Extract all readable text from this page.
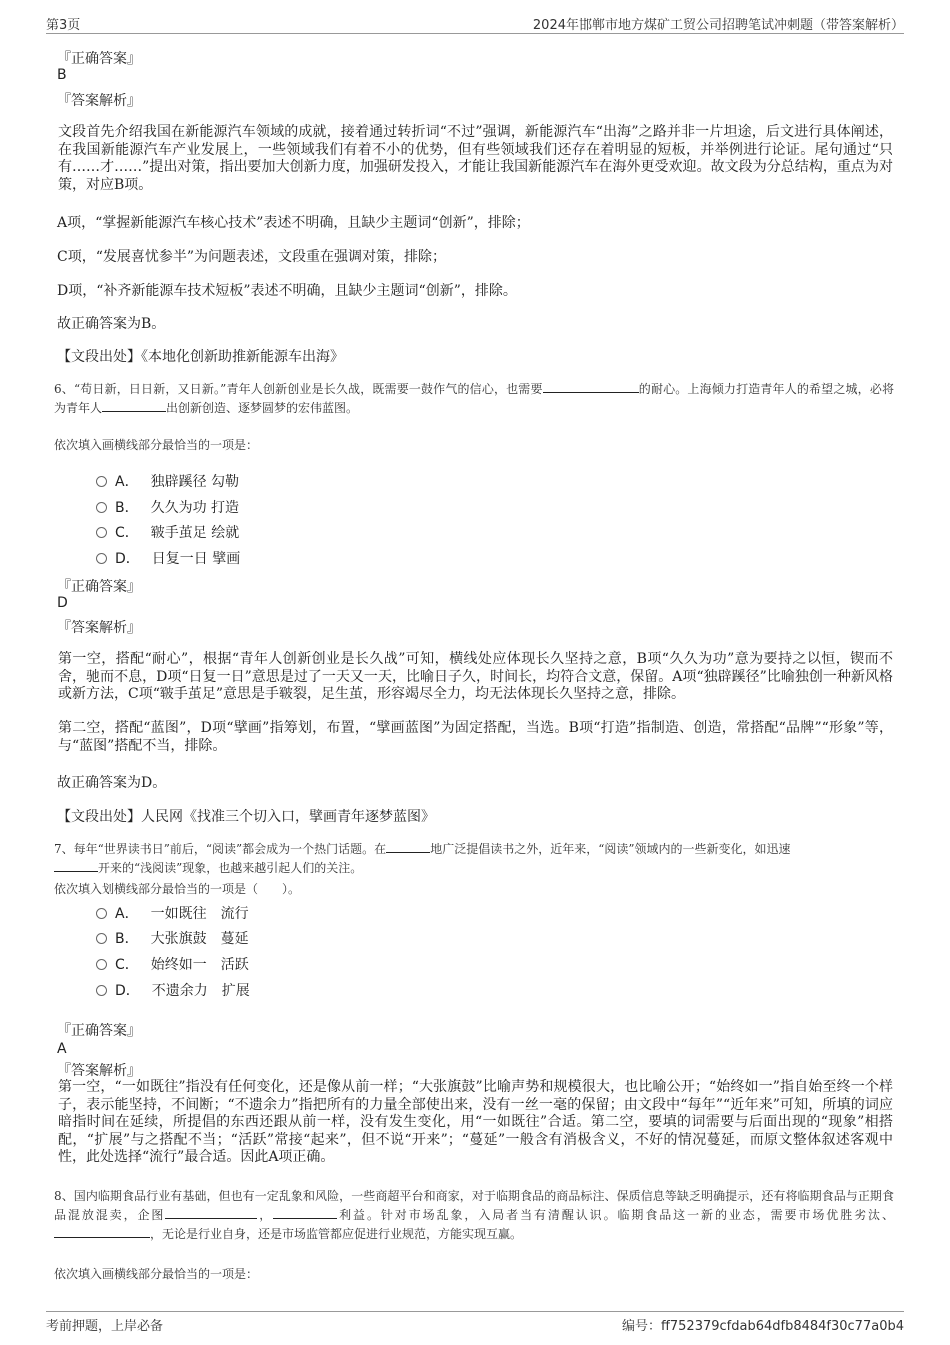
第3页	2024年邯郸市地方煤矿工贸公司招聘笔试冲刺题（带答案解析）
『正确答案』
B
『答案解析』
文段首先介绍我国在新能源汽车领域的成就，接着通过转折词“不过”强调，新能源汽车“出海”之路并非一片坦途，后文进行具体阐述，在我国新能源汽车产业发展上，一些领域我们有着不小的优势，但有些领域我们还存在着明显的短板，并举例进行论证。尾句通过“只有……才……”提出对策，指出要加大创新力度，加强研发投入，才能让我国新能源汽车在海外更受欢迎。故文段为分总结构，重点为对策，对应B项。
A项，“掌握新能源汽车核心技术”表述不明确，且缺少主题词“创新”，排除；
C项，“发展喜忧参半”为问题表述，文段重在强调对策，排除；
D项，“补齐新能源车技术短板”表述不明确，且缺少主题词“创新”，排除。
故正确答案为B。
【文段出处】《本地化创新助推新能源车出海》
6、“苟日新，日日新，又日新。”青年人创新创业是长久战，既需要一鼓作气的信心，也需要	的耐心。上海倾力打造青年人的希望之城，必将为青年人	出创新创造、逐梦圆梦的宏伟蓝图。
依次填入画横线部分最恰当的一项是：
A． 独辟蹊径 勾勒
B． 久久为功 打造
C． 皲手茧足 绘就
D． 日复一日 擘画
『正确答案』
D
『答案解析』
第一空，搭配“耐心”，根据“青年人创新创业是长久战”可知，横线处应体现长久坚持之意，B项“久久为功”意为要持之以恒，锲而不舍，驰而不息，D项“日复一日”意思是过了一天又一天，比喻日子久，时间长，均符合文意，保留。A项“独辟蹊径”比喻独创一种新风格或新方法，C项“皲手茧足”意思是手皲裂，足生茧，形容竭尽全力，均无法体现长久坚持之意，排除。
第二空，搭配“蓝图”，D项“擘画”指筹划，布置，“擘画蓝图”为固定搭配，当选。B项“打造”指制造、创造，常搭配“品牌”“形象”等，与“蓝图”搭配不当，排除。
故正确答案为D。
【文段出处】人民网《找准三个切入口，擘画青年逐梦蓝图》
7、每年“世界读书日”前后，“阅读”都会成为一个热门话题。在	地广泛提倡读书之外，近年来，“阅读”领域内的一些新变化，如迅速
开来的“浅阅读”现象，也越来越引起人们的关注。
依次填入划横线部分最恰当的一项是（　　）。
A． 一如既往 流行
B． 大张旗鼓 蔓延
C． 始终如一 活跃
D． 不遗余力 扩展
『正确答案』
A
『答案解析』
第一空，“一如既往”指没有任何变化，还是像从前一样；“大张旗鼓”比喻声势和规模很大，也比喻公开；“始终如一”指自始至终一个样子，表示能坚持，不间断；“不遗余力”指把所有的力量全部使出来，没有一丝一毫的保留；由文段中“每年”“近年来”可知，所填的词应暗指时间在延续，所提倡的东西还跟从前一样，没有发生变化，用“一如既往”合适。第二空，要填的词需要与后面出现的“现象”相搭配，“扩展”与之搭配不当；“活跃”常接“起来”，但不说“开来”；“蔓延”一般含有消极含义，不好的情况蔓延，而原文整体叙述客观中性，此处选择“流行”最合适。因此A项正确。
8、国内临期食品行业有基础，但也有一定乱象和风险，一些商超平台和商家，对于临期食品的商品标注、保质信息等缺乏明确提示，还有将临期食品与正期食品混放混卖，企图	，	利益。针对市场乱象，入局者当有清醒认识。临期食品这一新的业态，需要市场优胜劣汰、，无论是行业自身，还是市场监管都应促进行业规范，方能实现互赢。
依次填入画横线部分最恰当的一项是：
考前押题，上岸必备	编号：ff752379cfdab64dfb8484f30c77a0b4
